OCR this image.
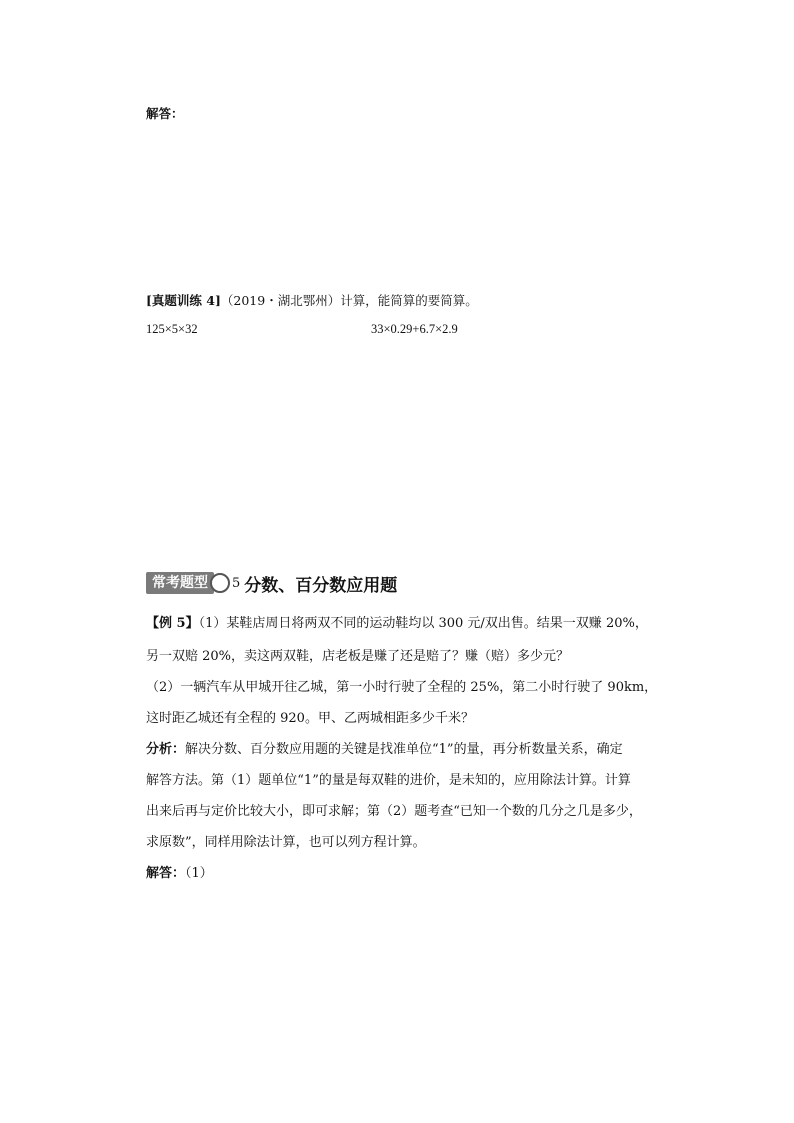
解答：
[真题训练 4]（2019・湖北鄂州）计算，能简算的要简算。
125×5×32	33×0.29+6.7×2.9
常考题型	5 分数、百分数应用题
【例 5】（1）某鞋店周日将两双不同的运动鞋均以 300 元/双出售。结果一双赚 20%，
另一双赔 20%，卖这两双鞋，店老板是赚了还是赔了？赚（赔）多少元？
（2）一辆汽车从甲城开往乙城，第一小时行驶了全程的 25%，第二小时行驶了 90km，
这时距乙城还有全程的 920。甲、乙两城相距多少千米？
分析：解决分数、百分数应用题的关键是找准单位“1”的量，再分析数量关系，确定
解答方法。第（1）题单位“1”的量是每双鞋的进价，是未知的，应用除法计算。计算
出来后再与定价比较大小，即可求解；第（2）题考查“已知一个数的几分之几是多少，
求原数”，同样用除法计算，也可以列方程计算。
解答：（1）
